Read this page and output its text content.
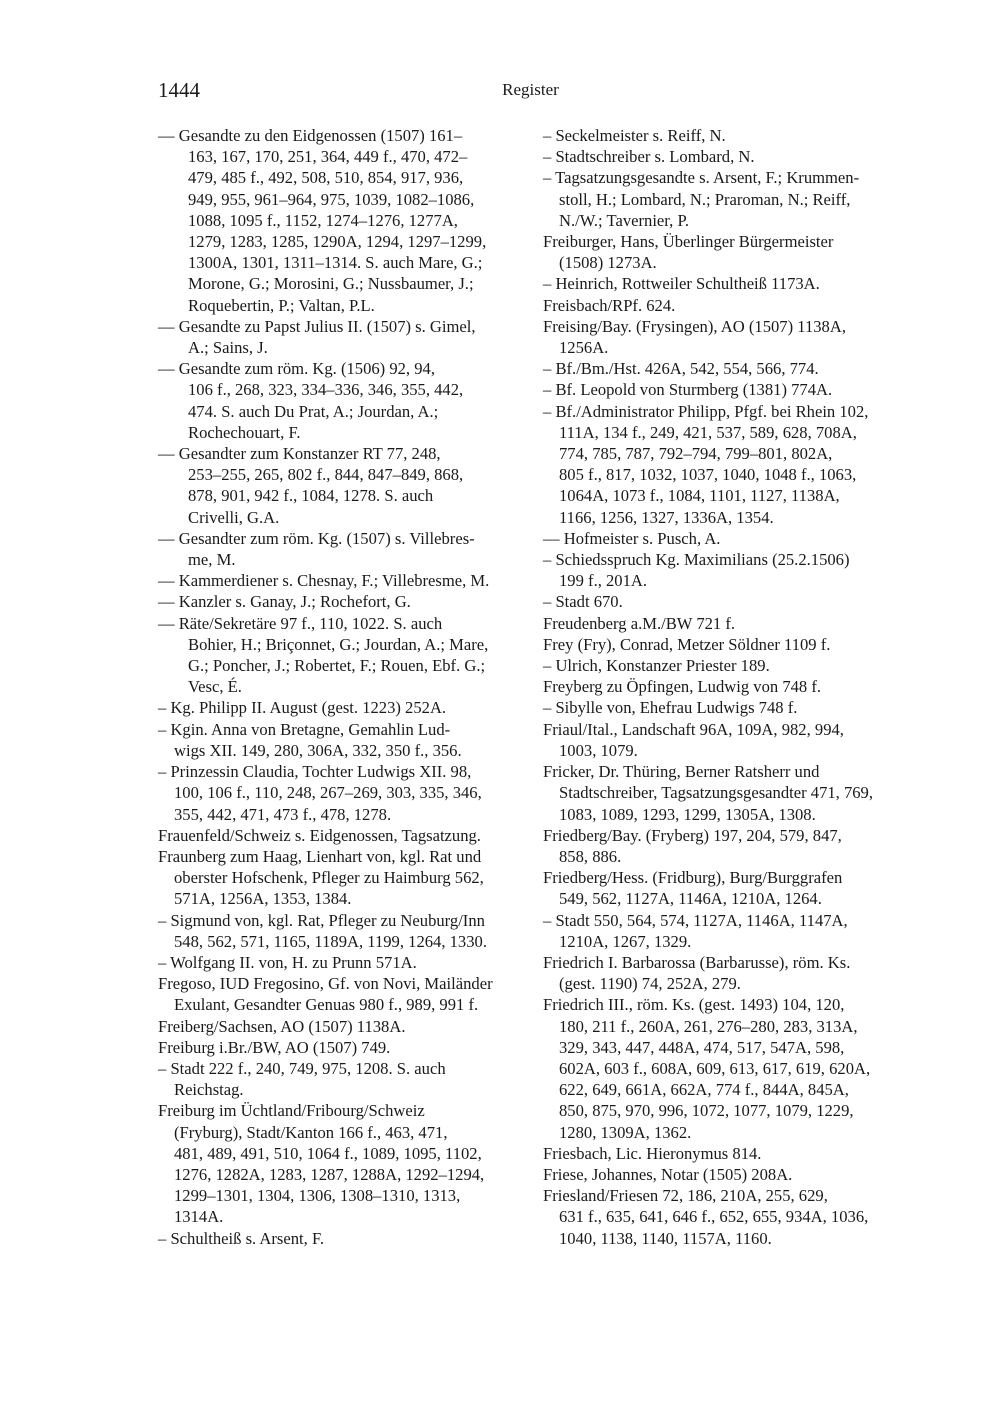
1444	Register
–– Gesandte zu den Eidgenossen (1507) 161–
163, 167, 170, 251, 364, 449 f., 470, 472–
479, 485 f., 492, 508, 510, 854, 917, 936,
949, 955, 961–964, 975, 1039, 1082–1086,
1088, 1095 f., 1152, 1274–1276, 1277A,
1279, 1283, 1285, 1290A, 1294, 1297–1299,
1300A, 1301, 1311–1314. S. auch Mare, G.;
Morone, G.; Morosini, G.; Nussbaumer, J.;
Roquebertin, P.; Valtan, P.L.
–– Gesandte zu Papst Julius II. (1507) s. Gimel,
A.; Sains, J.
–– Gesandte zum röm. Kg. (1506) 92, 94,
106 f., 268, 323, 334–336, 346, 355, 442,
474. S. auch Du Prat, A.; Jourdan, A.;
Rochechouart, F.
–– Gesandter zum Konstanzer RT 77, 248,
253–255, 265, 802 f., 844, 847–849, 868,
878, 901, 942 f., 1084, 1278. S. auch
Crivelli, G.A.
–– Gesandter zum röm. Kg. (1507) s. Villebres-
me, M.
–– Kammerdiener s. Chesnay, F.; Villebresme, M.
–– Kanzler s. Ganay, J.; Rochefort, G.
–– Räte/Sekretäre 97 f., 110, 1022. S. auch
Bohier, H.; Briçonnet, G.; Jourdan, A.; Mare,
G.; Poncher, J.; Robertet, F.; Rouen, Ebf. G.;
Vesc, É.
– Kg. Philipp II. August (gest. 1223) 252A.
– Kgin. Anna von Bretagne, Gemahlin Lud-
wigs XII. 149, 280, 306A, 332, 350 f., 356.
– Prinzessin Claudia, Tochter Ludwigs XII. 98,
100, 106 f., 110, 248, 267–269, 303, 335, 346,
355, 442, 471, 473 f., 478, 1278.
Frauenfeld/Schweiz s. Eidgenossen, Tagsatzung.
Fraunberg zum Haag, Lienhart von, kgl. Rat und
oberster Hofschenk, Pfleger zu Haimburg 562,
571A, 1256A, 1353, 1384.
– Sigmund von, kgl. Rat, Pfleger zu Neuburg/Inn
548, 562, 571, 1165, 1189A, 1199, 1264, 1330.
– Wolfgang II. von, H. zu Prunn 571A.
Fregoso, IUD Fregosino, Gf. von Novi, Mailänder
Exulant, Gesandter Genuas 980 f., 989, 991 f.
Freiberg/Sachsen, AO (1507) 1138A.
Freiburg i.Br./BW, AO (1507) 749.
– Stadt 222 f., 240, 749, 975, 1208. S. auch
Reichstag.
Freiburg im Üchtland/Fribourg/Schweiz
(Fryburg), Stadt/Kanton 166 f., 463, 471,
481, 489, 491, 510, 1064 f., 1089, 1095, 1102,
1276, 1282A, 1283, 1287, 1288A, 1292–1294,
1299–1301, 1304, 1306, 1308–1310, 1313,
1314A.
– Schultheiß s. Arsent, F.
– Seckelmeister s. Reiff, N.
– Stadtschreiber s. Lombard, N.
– Tagsatzungsgesandte s. Arsent, F.; Krummen-
stoll, H.; Lombard, N.; Praroman, N.; Reiff,
N./W.; Tavernier, P.
Freiburger, Hans, Überlinger Bürgermeister
(1508) 1273A.
– Heinrich, Rottweiler Schultheiß 1173A.
Freisbach/RPf. 624.
Freising/Bay. (Frysingen), AO (1507) 1138A,
1256A.
– Bf./Bm./Hst. 426A, 542, 554, 566, 774.
– Bf. Leopold von Sturmberg (1381) 774A.
– Bf./Administrator Philipp, Pfgf. bei Rhein 102,
111A, 134 f., 249, 421, 537, 589, 628, 708A,
774, 785, 787, 792–794, 799–801, 802A,
805 f., 817, 1032, 1037, 1040, 1048 f., 1063,
1064A, 1073 f., 1084, 1101, 1127, 1138A,
1166, 1256, 1327, 1336A, 1354.
–– Hofmeister s. Pusch, A.
– Schiedsspruch Kg. Maximilians (25.2.1506)
199 f., 201A.
– Stadt 670.
Freudenberg a.M./BW 721 f.
Frey (Fry), Conrad, Metzer Söldner 1109 f.
– Ulrich, Konstanzer Priester 189.
Freyberg zu Öpfingen, Ludwig von 748 f.
– Sibylle von, Ehefrau Ludwigs 748 f.
Friaul/Ital., Landschaft 96A, 109A, 982, 994,
1003, 1079.
Fricker, Dr. Thüring, Berner Ratsherr und
Stadtschreiber, Tagsatzungsgesandter 471, 769,
1083, 1089, 1293, 1299, 1305A, 1308.
Friedberg/Bay. (Fryberg) 197, 204, 579, 847,
858, 886.
Friedberg/Hess. (Fridburg), Burg/Burggrafen
549, 562, 1127A, 1146A, 1210A, 1264.
– Stadt 550, 564, 574, 1127A, 1146A, 1147A,
1210A, 1267, 1329.
Friedrich I. Barbarossa (Barbarusse), röm. Ks.
(gest. 1190) 74, 252A, 279.
Friedrich III., röm. Ks. (gest. 1493) 104, 120,
180, 211 f., 260A, 261, 276–280, 283, 313A,
329, 343, 447, 448A, 474, 517, 547A, 598,
602A, 603 f., 608A, 609, 613, 617, 619, 620A,
622, 649, 661A, 662A, 774 f., 844A, 845A,
850, 875, 970, 996, 1072, 1077, 1079, 1229,
1280, 1309A, 1362.
Friesbach, Lic. Hieronymus 814.
Friese, Johannes, Notar (1505) 208A.
Friesland/Friesen 72, 186, 210A, 255, 629,
631 f., 635, 641, 646 f., 652, 655, 934A, 1036,
1040, 1138, 1140, 1157A, 1160.
